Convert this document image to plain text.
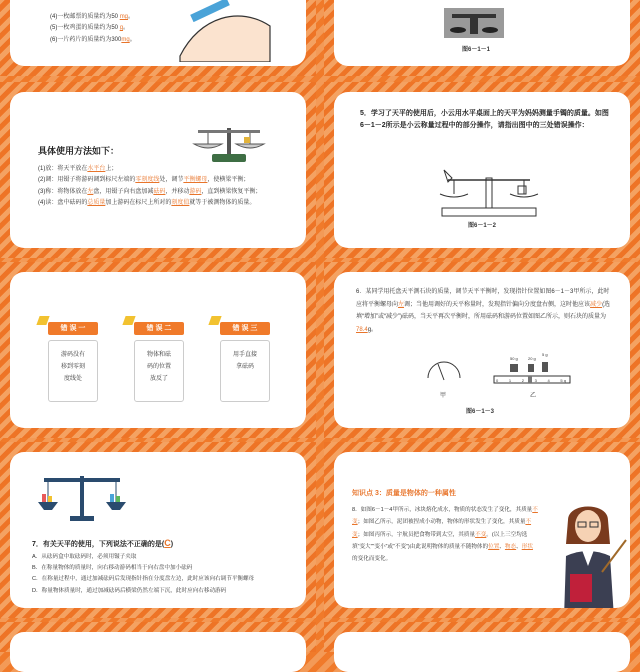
(4)一枚邮票的质量约为50 mg。
(5)一枚鸡蛋的质量约为50 g。
(6)一片药片的质量约为300mg。
图6－1－1
具体使用方法如下：
(1)放：将天平放在水平台上；
(2)调：用镊子将游码调到标尺左端的零刻度线处，调节平衡螺母，使横梁平衡；
(3)称：将物体放在左盘，用镊子向右盘加减砝码，并移动游码，直到横梁恢复平衡；
(4)读：盘中砝码的总质量加上游码在标尺上所对的刻度值就等于被测物体的质量。
5．学习了天平的使用后，小云用水平桌面上的天平为妈妈测量手镯的质量。如图6－1－2所示是小云称量过程中的部分操作，请指出图中的三处错误操作：
图6－1－2
错 误 一
游码没有
移到零刻
度线处
错 误 二
物体和砝
码的位置
放反了
错 误 三
用手直接
拿砝码
6．某同学用托盘天平测石块的质量，调节天平平衡时，发现指针位置如图6－1－3甲所示，此时应将平衡螺母向左调；当他用调好的天平称量时，发现指针偏向分度盘右侧，这时他应该减少(选填“增加”或“减少”)砝码，当天平再次平衡时，所用砝码和游码位置如图乙所示，则石块的质量为78.4g。
甲
50 g	20 g
5 g
0	1	2	3	4	5 g
乙
图6－1－3
7．有关天平的使用，下列说法不正确的是(C)
A．从砝码盒中取砝码时，必须用镊子夹取
B．在称量物体的质量时，向右移动游码相当于向右盘中加小砝码
C．在称量过程中，通过加减砝码后发现指针指在分度盘左边，此时应该向右调节平衡螺母
D．称量物体质量时，通过加减砝码后横梁仍然左端下沉，此时应向右移动游码
知识点 3：质量是物体的一种属性
8．如图6－1－4甲所示，冰块熔化成水，物质的状态发生了变化，其质量不变；如图乙所示，泥团被捏成小动物，物体的形状发生了变化，其质量不变；如图丙所示，宇航员把食物带到太空，其质量不变。(以上三空均选填“变大”“变小”或“不变”)由此说明物体的质量不随物体的位置、物态、形状的变化而变化。
